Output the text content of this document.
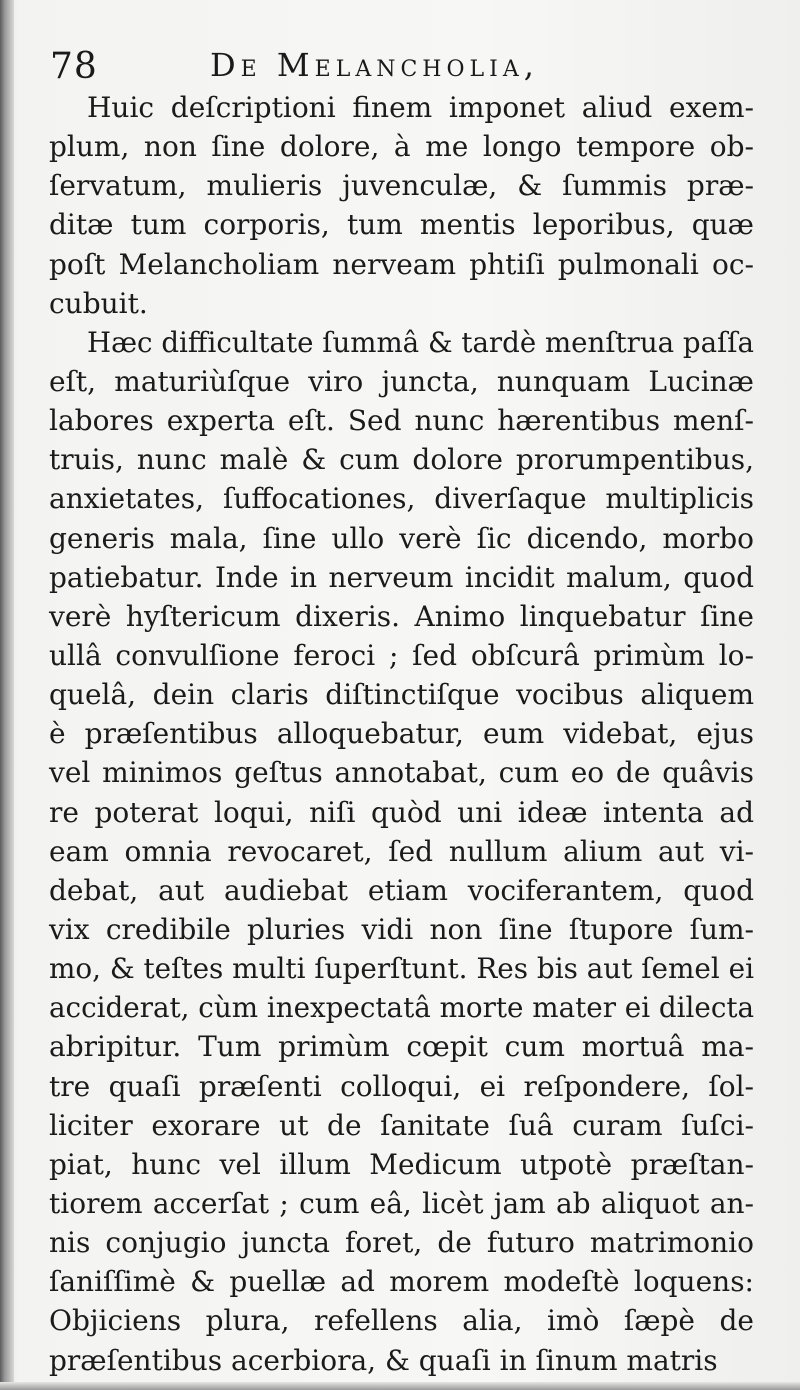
78	De Melancholia,
Huic deſcriptioni finem imponet aliud exem-
plum, non ſine dolore, à me longo tempore ob-
ſervatum, mulieris juvenculæ, & ſummis præ-
ditæ tum corporis, tum mentis leporibus, quæ
poſt Melancholiam nerveam phtiſi pulmonali oc-
cubuit.
Hæc difficultate ſummâ & tardè menſtrua paſſa
eſt, maturiùſque viro juncta, nunquam Lucinæ
labores experta eſt. Sed nunc hærentibus menſ-
truis, nunc malè & cum dolore prorumpentibus,
anxietates, ſuffocationes, diverſaque multiplicis
generis mala, ſine ullo verè ſic dicendo, morbo
patiebatur. Inde in nerveum incidit malum, quod
verè hyſtericum dixeris. Animo linquebatur ſine
ullâ convulſione feroci ; ſed obſcurâ primùm lo-
quelâ, dein claris diſtinctiſque vocibus aliquem
è præſentibus alloquebatur, eum videbat, ejus
vel minimos geſtus annotabat, cum eo de quâvis
re poterat loqui, niſi quòd uni ideæ intenta ad
eam omnia revocaret, ſed nullum alium aut vi-
debat, aut audiebat etiam vociferantem, quod
vix credibile pluries vidi non ſine ſtupore ſum-
mo, & teſtes multi ſuperſtunt. Res bis aut ſemel ei
acciderat, cùm inexpectatâ morte mater ei dilecta
abripitur. Tum primùm cœpit cum mortuâ ma-
tre quaſi præſenti colloqui, ei reſpondere, ſol-
liciter exorare ut de ſanitate ſuâ curam ſuſci-
piat, hunc vel illum Medicum utpotè præſtan-
tiorem accerſat ; cum eâ, licèt jam ab aliquot an-
nis conjugio juncta foret, de futuro matrimonio
ſaniſſimè & puellæ ad morem modeſtè loquens:
Objiciens plura, refellens alia, imò ſæpè de
præſentibus acerbiora, & quaſi in ſinum matris
